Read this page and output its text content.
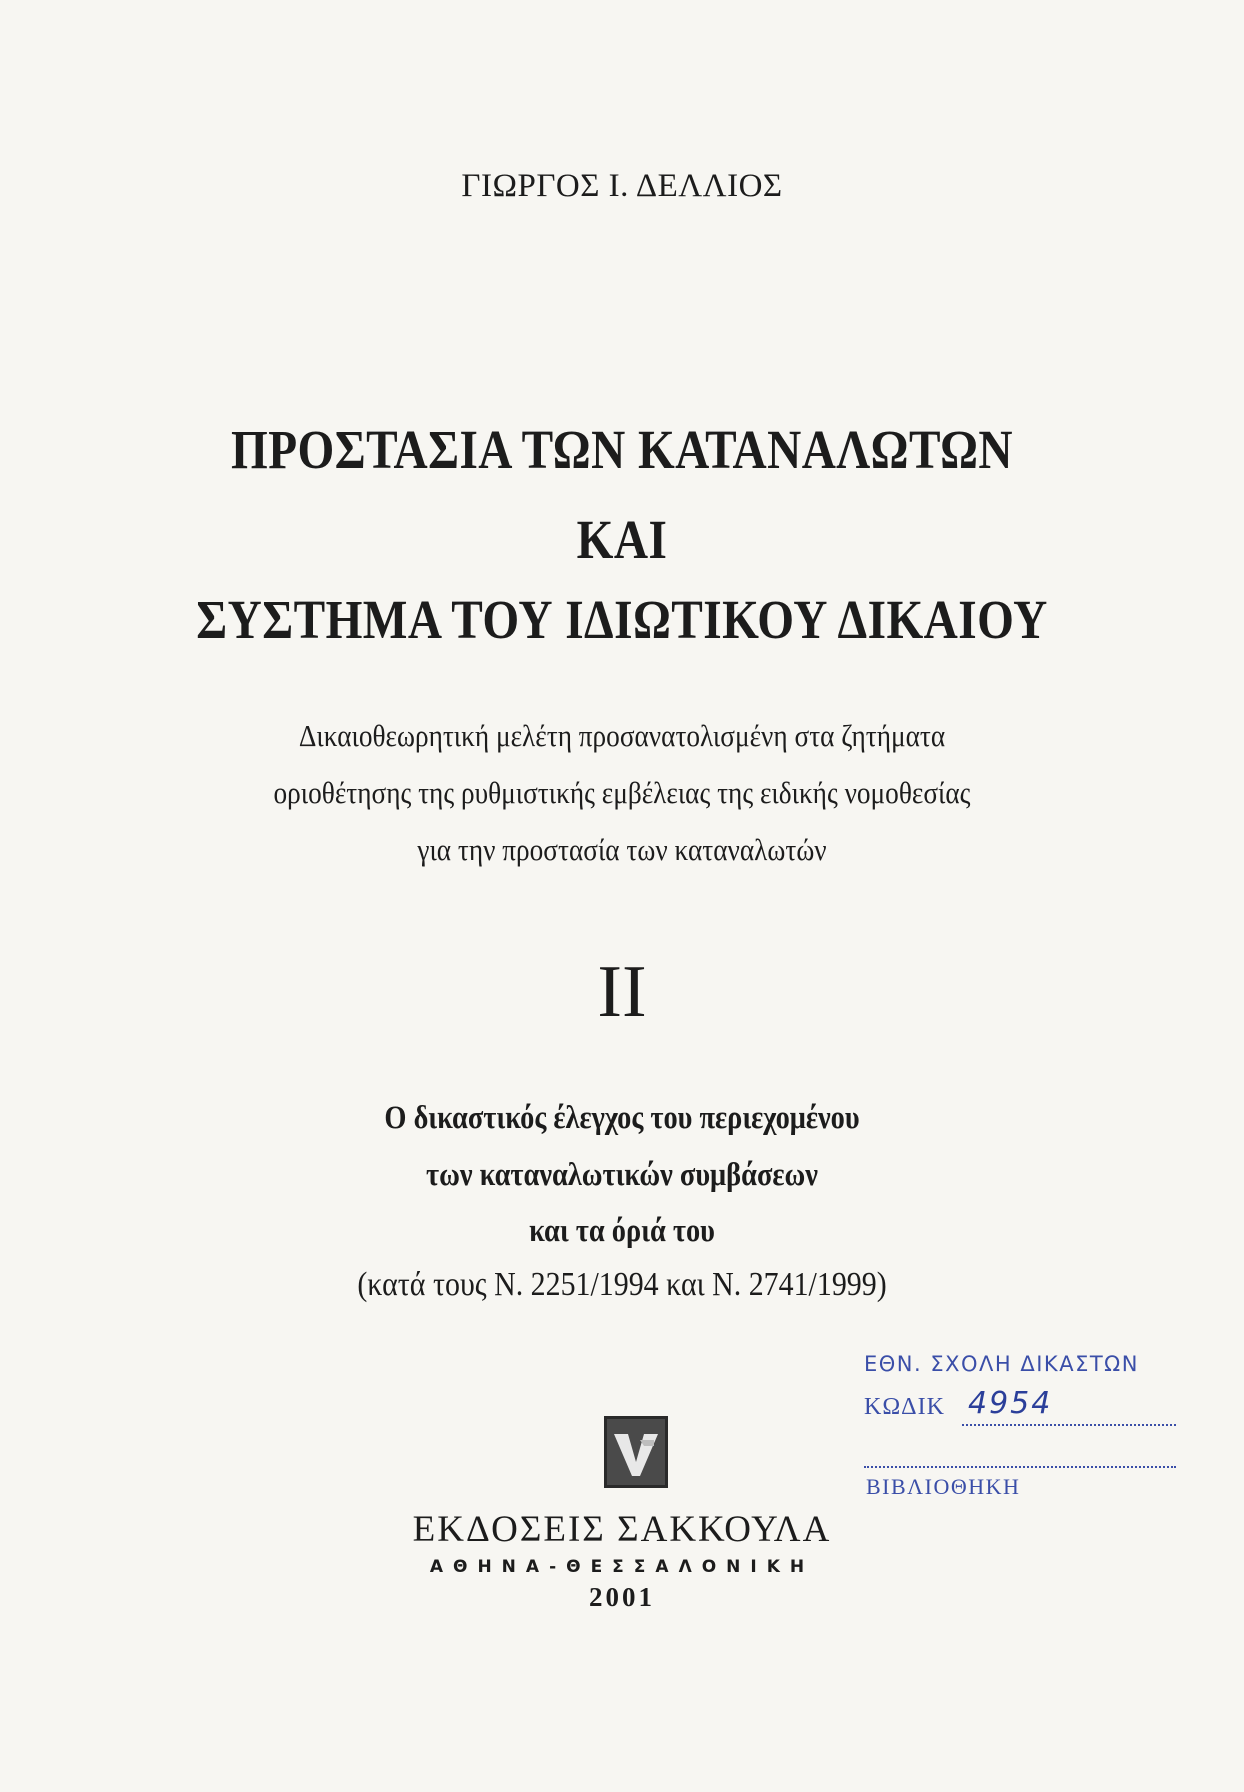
ΓΙΩΡΓΟΣ Ι. ΔΕΛΛΙΟΣ
ΠΡΟΣΤΑΣΙΑ ΤΩΝ ΚΑΤΑΝΑΛΩΤΩΝ
ΚΑΙ
ΣΥΣΤΗΜΑ ΤΟΥ ΙΔΙΩΤΙΚΟΥ ΔΙΚΑΙΟΥ
Δικαιοθεωρητική μελέτη προσανατολισμένη στα ζητήματα
οριοθέτησης της ρυθμιστικής εμβέλειας της ειδικής νομοθεσίας
για την προστασία των καταναλωτών
II
Ο δικαστικός έλεγχος του περιεχομένου
των καταναλωτικών συμβάσεων
και τα όριά του
(κατά τους Ν. 2251/1994 και Ν. 2741/1999)
ΕΘΝ. ΣΧΟΛΗ ΔΙΚΑΣΤΩΝ
ΚΩΔΙΚ 4954
ΒΙΒΛΙΟΘΗΚΗ
ΕΚΔΟΣΕΙΣ ΣΑΚΚΟΥΛΑ
ΑΘΗΝΑ-ΘΕΣΣΑΛΟΝΙΚΗ
2001
